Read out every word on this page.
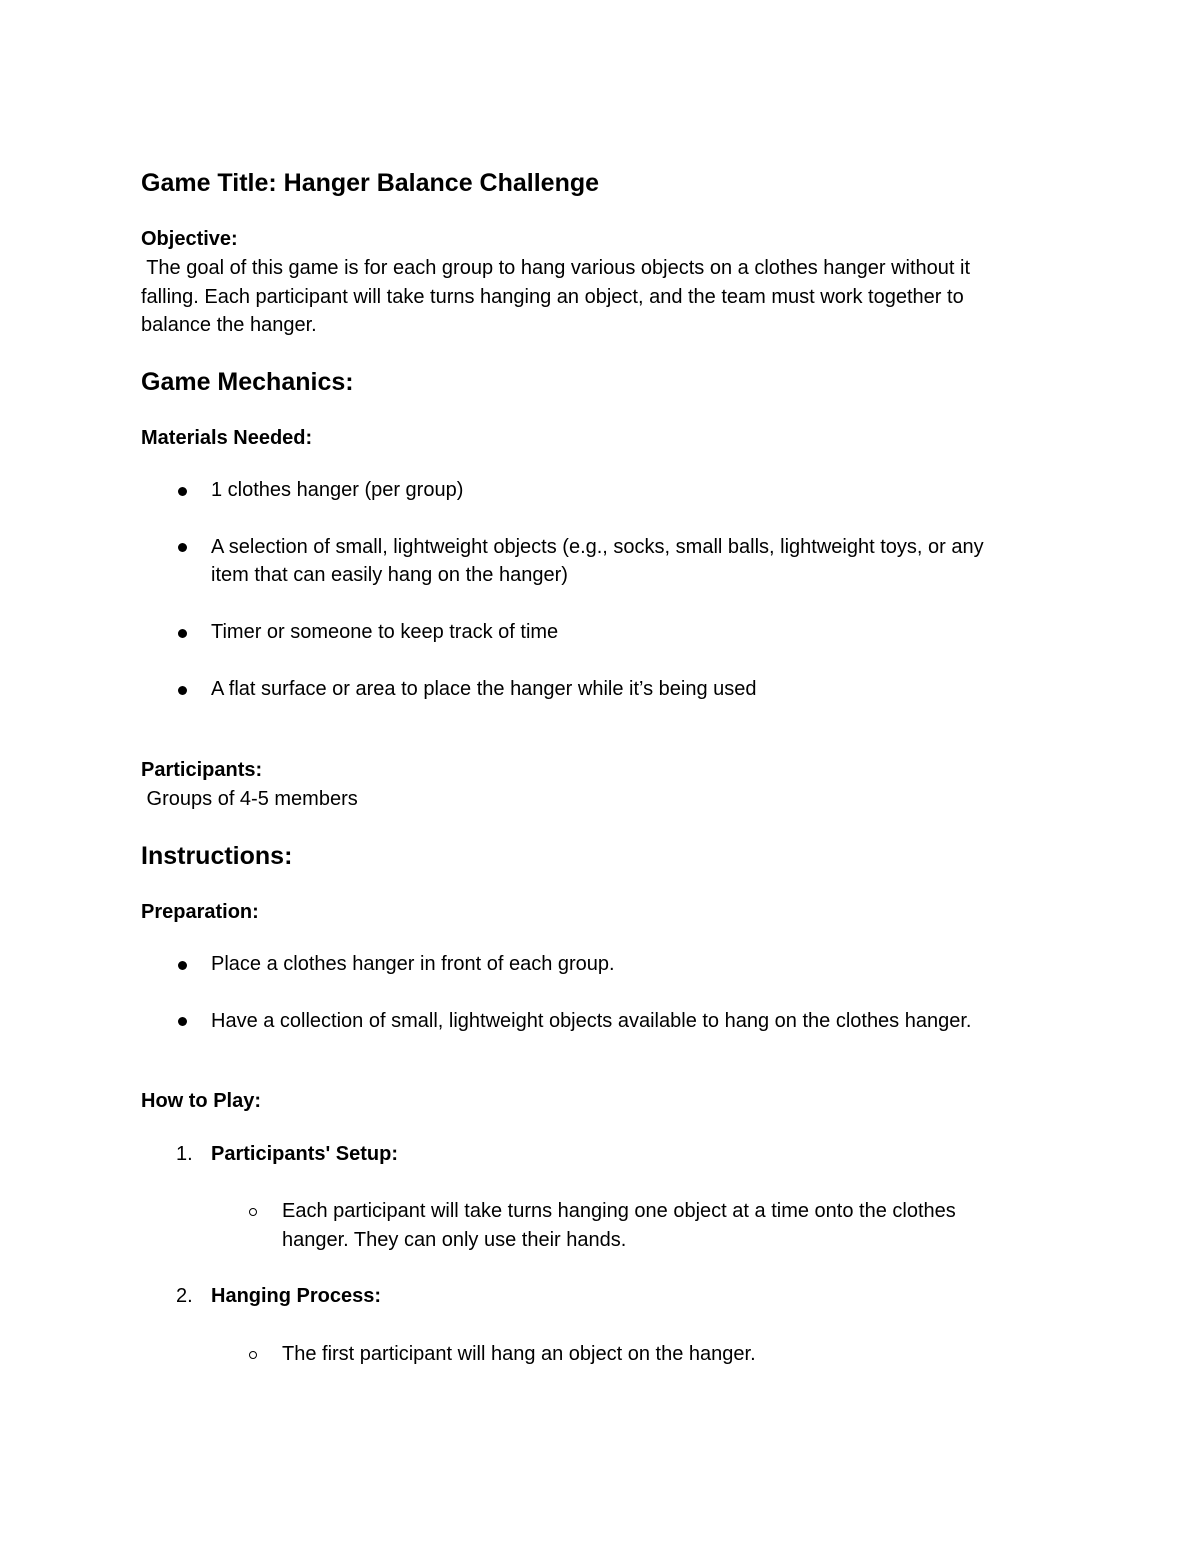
Game Title: Hanger Balance Challenge
Objective:
The goal of this game is for each group to hang various objects on a clothes hanger without it
falling. Each participant will take turns hanging an object, and the team must work together to
balance the hanger.
Game Mechanics:
Materials Needed:
1 clothes hanger (per group)
A selection of small, lightweight objects (e.g., socks, small balls, lightweight toys, or any
item that can easily hang on the hanger)
Timer or someone to keep track of time
A flat surface or area to place the hanger while it’s being used
Participants:
Groups of 4-5 members
Instructions:
Preparation:
Place a clothes hanger in front of each group.
Have a collection of small, lightweight objects available to hang on the clothes hanger.
How to Play:
1. Participants' Setup:
Each participant will take turns hanging one object at a time onto the clothes
hanger. They can only use their hands.
2. Hanging Process:
The first participant will hang an object on the hanger.
